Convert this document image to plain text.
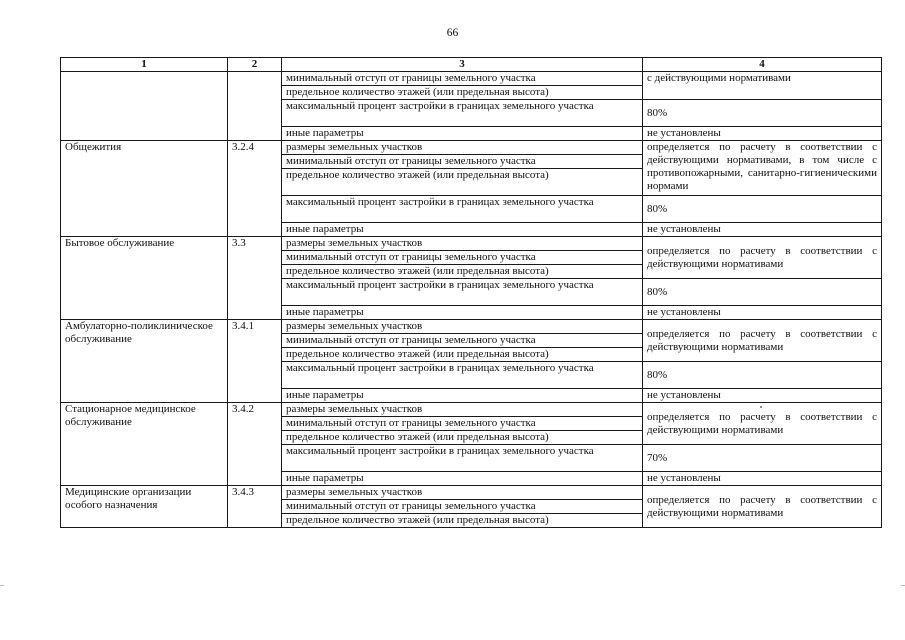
66
1	2	3	4
		минимальный отступ от границы земельного участка	с действующими нормативами
		предельное количество этажей (или предельная высота)	
		максимальный процент застройки в границах земельного участка	80%
		иные параметры	не установлены
Общежития	3.2.4	размеры земельных участков	определяется по расчету в соответствии с действующими нормативами, в том числе с противопожарными, санитарно-гигиеническими нормами
		минимальный отступ от границы земельного участка	
		предельное количество этажей (или предельная высота)	
		максимальный процент застройки в границах земельного участка	80%
		иные параметры	не установлены
Бытовое обслуживание	3.3	размеры земельных участков	определяется по расчету в соответствии с действующими нормативами
		минимальный отступ от границы земельного участка	
		предельное количество этажей (или предельная высота)	
		максимальный процент застройки в границах земельного участка	80%
		иные параметры	не установлены
Амбулаторно-поликлиническое обслуживание	3.4.1	размеры земельных участков	определяется по расчету в соответствии с действующими нормативами
		минимальный отступ от границы земельного участка	
		предельное количество этажей (или предельная высота)	
		максимальный процент застройки в границах земельного участка	80%
		иные параметры	не установлены
Стационарное медицинское обслуживание	3.4.2	размеры земельных участков	определяется по расчету в соответствии с действующими нормативами
		минимальный отступ от границы земельного участка	
		предельное количество этажей (или предельная высота)	
		максимальный процент застройки в границах земельного участка	70%
		иные параметры	не установлены
Медицинские организации особого назначения	3.4.3	размеры земельных участков	определяется по расчету в соответствии с действующими нормативами
		минимальный отступ от границы земельного участка	
		предельное количество этажей (или предельная высота)	
